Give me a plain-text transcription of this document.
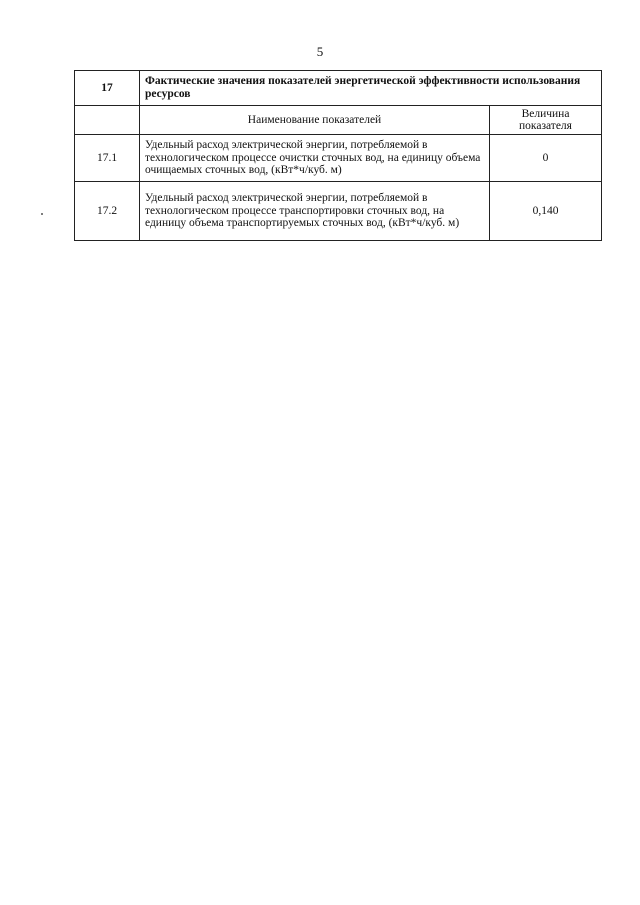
5
17	Фактические значения показателей энергетической эффективности использования ресурсов	
	Наименование показателей	Величина показателя
17.1	Удельный расход электрической энергии, потребляемой в технологическом процессе очистки сточных вод, на единицу объема очищаемых сточных вод, (кВт*ч/куб. м)	0
17.2	Удельный расход электрической энергии, потребляемой в технологическом процессе транспортировки сточных вод, на единицу объема транспортируемых сточных вод, (кВт*ч/куб. м)	0,140
